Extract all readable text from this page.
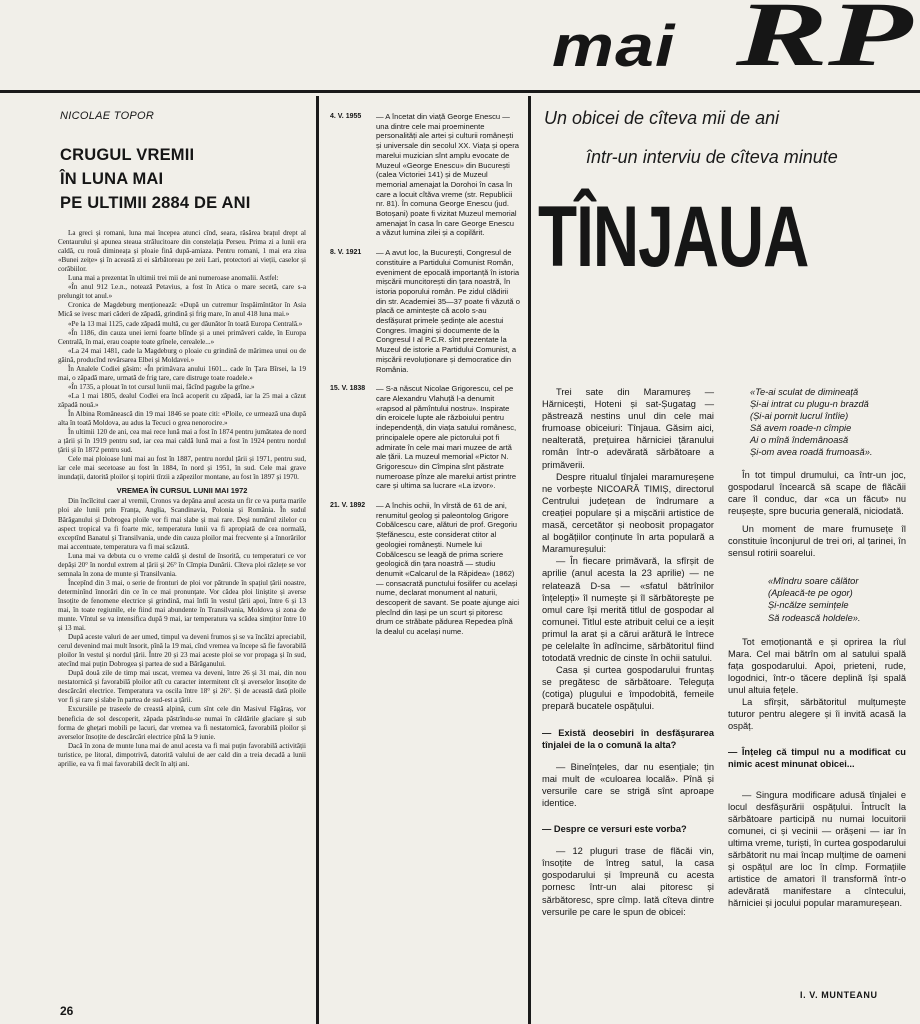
mai RP
NICOLAE TOPOR
CRUGUL VREMII
ÎN LUNA MAI
PE ULTIMII 2884 DE ANI

La greci și romani, luna mai începea atunci cînd, seara, răsărea brațul drept al Centaurului și apunea steaua strălucitoare din constelația Perseu. Prima zi a lunii era caldă, cu rouă dimineața și ploaie fină după-amiaza. Pentru romani, 1 mai era ziua «Bunei zeițe» și în această zi ei sărbătoreau pe zeii Lari, protectori ai vieții, caselor și corăbiilor.

Luna mai a prezentat în ultimii trei mii de ani numeroase anomalii. Astfel:

«În anul 912 î.e.n., notează Petavius, a fost în Atica o mare secetă, care s-a prelungit tot anul.»

Cronica de Magdeburg menționează: «După un cutremur înspăimîntător în Asia Mică se ivesc mari căderi de zăpadă, grindină și frig mare, în anul 418 luna mai.»

«Pe la 13 mai 1125, cade zăpadă multă, cu ger dăunător în toată Europa Centrală.»

«În 1186, din cauza unei ierni foarte blînde și a unei primăveri calde, în Europa Centrală, în mai, erau coapte toate grînele, cerealele...»

«La 24 mai 1481, cade la Magdeburg o ploaie cu grindină de mărimea unui ou de găină, producînd revărsarea Elbei și Moldavei.»

În Analele Codiei găsim: «În primăvara anului 1601... cade în Țara Bîrsei, la 19 mai, o zăpadă mare, urmată de frig tare, care distruge toate roadele.»

«În 1735, a plouat în tot cursul lunii mai, făcînd pagube la grîne.»

«La 1 mai 1805, dealul Codlei era încă acoperit cu zăpadă, iar la 25 mai a căzut zăpadă nouă.»

În Albina Românească din 19 mai 1846 se poate citi: «Ploile, ce urmează una după alta în toată Moldova, au adus la Tecuci o grea nenorocire.»

În ultimii 120 de ani, cea mai rece lună mai a fost în 1874 pentru jumătatea de nord a țării și în 1919 pentru sud, iar cea mai caldă lună mai a fost în 1924 pentru nordul țării și în 1872 pentru sud.

Cele mai ploioase luni mai au fost în 1887, pentru nordul țării și 1971, pentru sud, iar cele mai secetoase au fost în 1884, în nord și 1951, în sud. Cele mai grave inundații, datorită ploilor și topirii tîrzii a zăpezilor montane, au fost în 1897 și 1970.

VREMEA ÎN CURSUL LUNII MAI 1972

Din încîlcitul caer al vremii, Cronos va depăna anul acesta un fir ce va purta marile ploi ale lunii prin Franța, Anglia, Scandinavia, Polonia și România. În sudul Bărăganului și Dobrogea ploile vor fi mai slabe și mai rare. Deși numărul zilelor cu aspect tropical va fi foarte mic, temperatura lunii va fi apropiată de cea normală, exceptînd Banatul și Transilvania, unde din cauza ploilor mai frecvente și a înnorărilor mai accentuate, temperatura va fi mai scăzută.

Luna mai va debuta cu o vreme caldă și destul de însorită, cu temperaturi ce vor depăși 20° în nordul extrem al țării și 26° în Cîmpia Dunării. Cîteva ploi răzlețe se vor semnala în zona de munte și Transilvania.

Începînd din 3 mai, o serie de fronturi de ploi vor pătrunde în spațiul țării noastre, determinînd înnorări din ce în ce mai pronunțate. Vor cădea ploi liniștite și averse însoțite de fenomene electrice și grindină, mai întîi în vestul țării apoi, între 6 și 13 mai, în toate regiunile, ele fiind mai abundente în Transilvania, Moldova și zona de munte. Vîntul se va intensifica după 9 mai, iar temperatura va scădea simțitor între 10 și 13 mai.

După aceste valuri de aer umed, timpul va deveni frumos și se va încălzi apreciabil, cerul devenind mai mult însorit, pînă la 19 mai, cînd vremea va începe să fie favorabilă ploilor în vestul și nordul țării. Între 20 și 23 mai aceste ploi se vor propaga și în sud, atecînd mai puțin Dobrogea și partea de sud a Bărăganului.

După două zile de timp mai uscat, vremea va deveni, între 26 și 31 mai, din nou nestatornică și favorabilă ploilor atît cu caracter intermitent cît și averselor însoțite de descărcări electrice. Temperatura va oscila între 18° și 26°. Și de această dată ploile vor fi și rare și slabe în partea de sud-est a țării.

Excursiile pe traseele de creastă alpină, cum sînt cele din Masivul Făgăraș, vor beneficia de sol descoperit, zăpada păstrîndu-se numai în căldările glaciare și sub forma de ghețari mobili pe lacuri, dar vremea va fi nestatornică, favorabilă ploilor și averselor însoțite de descărcări electrice pînă la 9 iunie.

Dacă în zona de munte luna mai de anul acesta va fi mai puțin favorabilă activității turistice, pe litoral, dimpotrivă, datorită valului de aer cald din a treia decadă a lunii aprilie, ea va fi mai favorabilă decît în alți ani.

26
4. V. 1955	— A încetat din viață George Enescu — una dintre cele mai proeminente personalități ale artei și culturii românești și universale din secolul XX. Viața și opera marelui muzician sînt amplu evocate de Muzeul «George Enescu» din București (calea Victoriei 141) și de Muzeul memorial amenajat la Dorohoi în casa în care a locuit cîtăva vreme (str. Republicii nr. 81). În comuna George Enescu (jud. Botoșani) poate fi vizitat Muzeul memorial amenajat în casa în care George Enescu a văzut lumina zilei și a copilărit.
8. V. 1921	— A avut loc, la București, Congresul de constituire a Partidului Comunist Român, eveniment de epocală importanță în istoria mișcării muncitorești din țara noastră, în istoria poporului român. Pe zidul clădirii din str. Academiei 35—37 poate fi văzută o placă ce amintește că acolo s-au desfășurat primele ședințe ale acestui Congres. Imagini și documente de la Congresul I al P.C.R. sînt prezentate la Muzeul de istorie a Partidului Comunist, a mișcării revoluționare și democratice din România.
15. V. 1838	— S-a născut Nicolae Grigorescu, cel pe care Alexandru Vlahuță l-a denumit «rapsod al pămîntului nostru». Inspirate din eroicele lupte ale războiului pentru independență, din viața satului românesc, principalele opere ale pictorului pot fi admirate în cele mai mari muzee de artă ale țării. La muzeul memorial «Pictor N. Grigorescu» din Cîmpina sînt păstrate numeroase pînze ale marelui artist printre care și ultima sa lucrare «La izvor».
21. V. 1892	— A închis ochii, în vîrstă de 61 de ani, renumitul geolog și paleontolog Grigore Cobălcescu care, alături de prof. Gregoriu Ștefănescu, este considerat ctitor al geologiei românești. Numele lui Cobălcescu se leagă de prima scriere geologică din țara noastră — studiu denumit «Calcarul de la Răpidea» (1862) — consacrată punctului fosilifer cu același nume, declarat monument al naturii, descoperit de savant. Se poate ajunge aici plecînd din Iași pe un scurt și pitoresc drum ce străbate pădurea Repedea pînă la dealul cu același nume.
Un obicei de cîteva mii de ani
într-un interviu de cîteva minute
TÎNJAUA

Trei sate din Maramureș — Hărnicești, Hoteni și sat-Șugatag — păstrează nestins unul din cele mai frumoase obiceiuri: Tînjaua. Găsim aici, nealterată, prețuirea hărniciei țăranului român într-o adevărată sărbătoare a primăverii.

Despre ritualul tînjalei maramureșene ne vorbește NICOARĂ TIMIȘ, directorul Centrului județean de îndrumare a creației populare și a mișcării artistice de masă, cercetător și neobosit propagator al bogățiilor conținute în arta populară a Maramureșului:

— În fiecare primăvară, la sfîrșit de aprilie (anul acesta la 23 aprilie) — ne relatează D-sa — «sfatul bătrînilor înțelepți» îl numește și îl sărbătorește pe omul care își merită titlul de gospodar al comunei. Titlul este atribuit celui ce a ieșit primul la arat și a cărui arătură le întrece pe celelalte în adîncime, sărbătoritul fiind totodată vrednic de cinste în ochii satului.

Casa și curtea gospodarului fruntaș se pregătesc de sărbătoare. Teleguța (cotiga) plugului e împodobită, femeile prepară bucatele ospățului.

— Există deosebiri în desfășurarea tînjalei de la o comună la alta?

— Bineînțeles, dar nu esențiale; țin mai mult de «culoarea locală». Pînă și versurile care se strigă sînt aproape identice.

— Despre ce versuri este vorba?

— 12 pluguri trase de flăcăi vin, însoțite de întreg satul, la casa gospodarului și împreună cu acesta pornesc într-un alai pitoresc și sărbătoresc, spre cîmp. Iată cîteva dintre versurile pe care le spun de obicei:

«Te-ai sculat de dimineață

Și-ai intrat cu plugu-n brazdă

(Și-ai pornit lucrul întîie)

Să avem roade-n cîmpie

Ai o mînă îndemânoasă

Și-om avea roadă frumoasă».

În tot timpul drumului, ca într-un joc, gospodarul încearcă să scape de flăcăii care îl conduc, dar «ca un făcut» nu reușește, spre bucuria generală, niciodată.

Un moment de mare frumusețe îl constituie înconjurul de trei ori, al țarinei, în sensul rotirii soarelui.

«Mîndru soare călător

(Apleacă-te pe ogor)

Și-ncălze semințele

Să rodească holdele».

Tot emoționantă e și oprirea la rîul Mara. Cel mai bătrîn om al satului spală fața gospodarului. Apoi, prieteni, rude, logodnici, într-o tăcere deplină își spală unul altuia fețele.

La sfîrșit, sărbătoritul mulțumește tuturor pentru alegere și îi invită acasă la ospăț.

— Înțeleg că timpul nu a modificat cu nimic acest minunat obicei...

— Singura modificare adusă tînjalei e locul desfășurării ospățului. Întrucît la sărbătoare participă nu numai locuitorii comunei, ci și vecinii — orășeni — iar în ultima vreme, turiști, în curtea gospodarului sărbătorit nu mai încap mulțime de oameni și ospățul are loc în cîmp. Formațiile artistice de amatori îl transformă într-o adevărată manifestare a cîntecului, hărniciei și jocului popular maramureșean.

I. V. MUNTEANU
